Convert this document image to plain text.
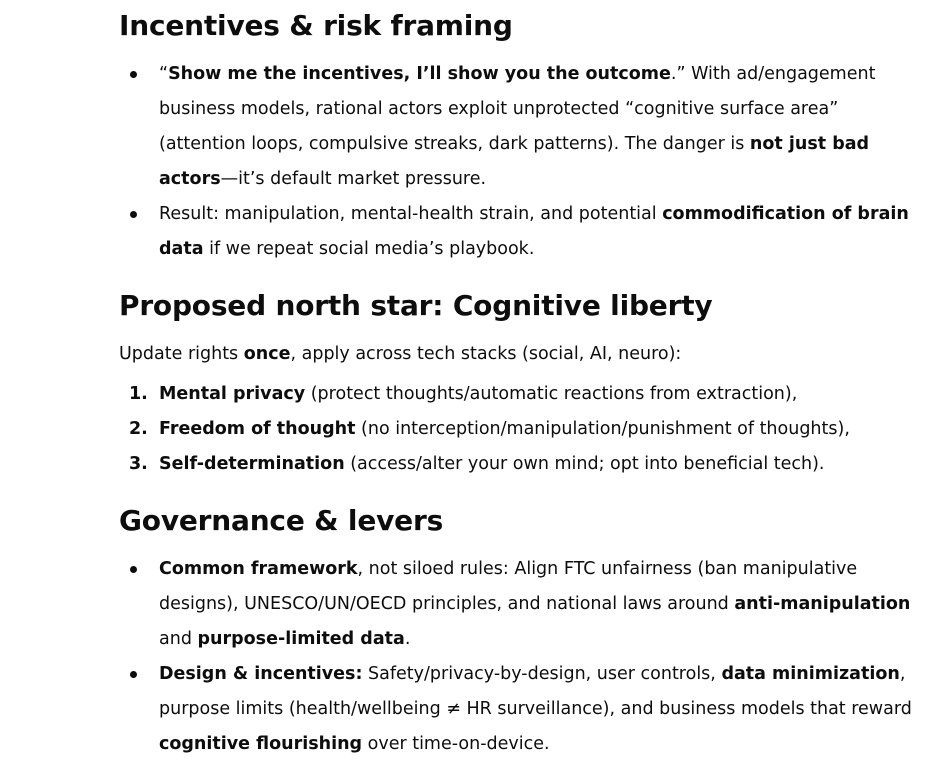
Incentives & risk framing
“Show me the incentives, I’ll show you the outcome.” With ad/engagement business models, rational actors exploit unprotected “cognitive surface area” (attention loops, compulsive streaks, dark patterns). The danger is not just bad actors—it’s default market pressure.
Result: manipulation, mental-health strain, and potential commodification of brain data if we repeat social media’s playbook.
Proposed north star: Cognitive liberty

Update rights once, apply across tech stacks (social, AI, neuro):

1. Mental privacy (protect thoughts/automatic reactions from extraction),
2. Freedom of thought (no interception/manipulation/punishment of thoughts),
3. Self-determination (access/alter your own mind; opt into beneficial tech).
Governance & levers
Common framework, not siloed rules: Align FTC unfairness (ban manipulative designs), UNESCO/UN/OECD principles, and national laws around anti-manipulation and purpose-limited data.
Design & incentives: Safety/privacy-by-design, user controls, data minimization, purpose limits (health/wellbeing ≠ HR surveillance), and business models that reward cognitive flourishing over time-on-device.
